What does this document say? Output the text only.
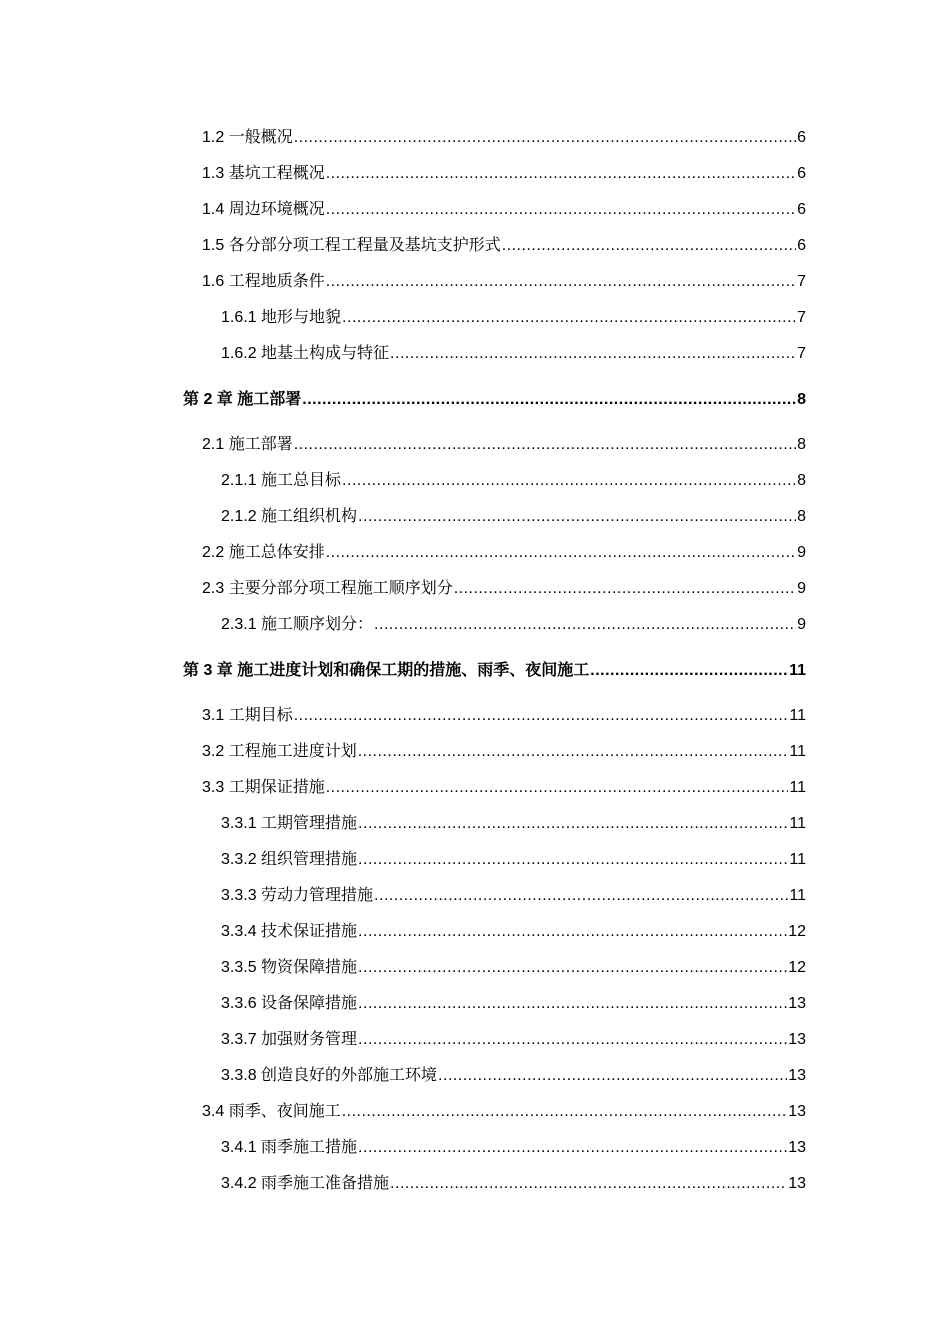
1.2 一般概况 .....	6
1.3 基坑工程概况 .....	6
1.4 周边环境概况 .....	6
1.5 各分部分项工程工程量及基坑支护形式 .....	6
1.6 工程地质条件 .....	7
1.6.1 地形与地貌 .....	7
1.6.2 地基土构成与特征 .....	7
第 2 章 施工部署 .....	8
2.1 施工部署 .....	8
2.1.1 施工总目标 .....	8
2.1.2 施工组织机构 .....	8
2.2 施工总体安排 .....	9
2.3 主要分部分项工程施工顺序划分 .....	9
2.3.1 施工顺序划分： .....	9
第 3 章 施工进度计划和确保工期的措施、雨季、夜间施工 .....	11
3.1 工期目标 .....	11
3.2 工程施工进度计划 .....	11
3.3 工期保证措施 .....	11
3.3.1 工期管理措施 .....	11
3.3.2 组织管理措施 .....	11
3.3.3 劳动力管理措施 .....	11
3.3.4 技术保证措施 .....	12
3.3.5 物资保障措施 .....	12
3.3.6 设备保障措施 .....	13
3.3.7 加强财务管理 .....	13
3.3.8 创造良好的外部施工环境 .....	13
3.4 雨季、夜间施工 .....	13
3.4.1 雨季施工措施 .....	13
3.4.2 雨季施工准备措施 .....	13
